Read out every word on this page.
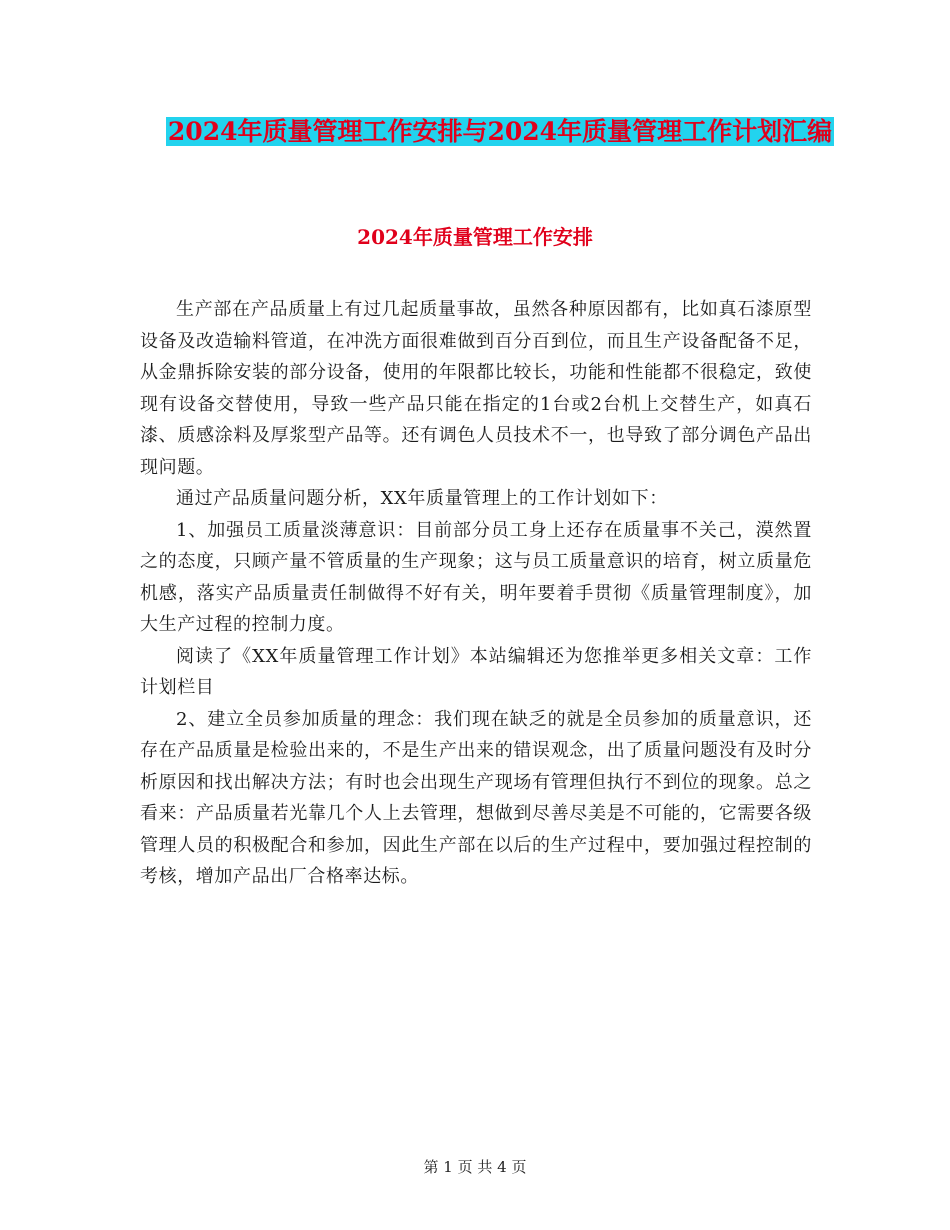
2024年质量管理工作安排与2024年质量管理工作计划汇编
2024年质量管理工作安排

生产部在产品质量上有过几起质量事故，虽然各种原因都有，比如真石漆原型设备及改造输料管道，在冲洗方面很难做到百分百到位，而且生产设备配备不足，从金鼎拆除安装的部分设备，使用的年限都比较长，功能和性能都不很稳定，致使现有设备交替使用，导致一些产品只能在指定的1台或2台机上交替生产，如真石漆、质感涂料及厚浆型产品等。还有调色人员技术不一，也导致了部分调色产品出现问题。

通过产品质量问题分析，XX年质量管理上的工作计划如下：

1、加强员工质量淡薄意识：目前部分员工身上还存在质量事不关己，漠然置之的态度，只顾产量不管质量的生产现象；这与员工质量意识的培育，树立质量危机感，落实产品质量责任制做得不好有关，明年要着手贯彻《质量管理制度》，加大生产过程的控制力度。

阅读了《XX年质量管理工作计划》本站编辑还为您推举更多相关文章：工作计划栏目

2、建立全员参加质量的理念：我们现在缺乏的就是全员参加的质量意识，还存在产品质量是检验出来的，不是生产出来的错误观念，出了质量问题没有及时分析原因和找出解决方法；有时也会出现生产现场有管理但执行不到位的现象。总之看来：产品质量若光靠几个人上去管理，想做到尽善尽美是不可能的，它需要各级管理人员的积极配合和参加，因此生产部在以后的生产过程中，要加强过程控制的考核，增加产品出厂合格率达标。

第 1 页 共 4 页
